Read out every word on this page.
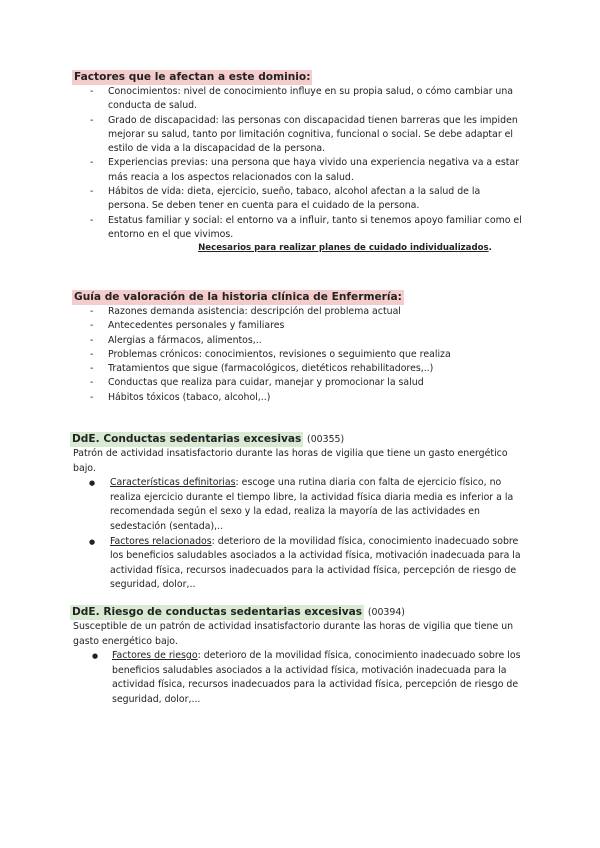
Factores que le afectan a este dominio:
- Conocimientos: nivel de conocimiento influye en su propia salud, o cómo cambiar una conducta de salud.
- Grado de discapacidad: las personas con discapacidad tienen barreras que les impiden mejorar su salud, tanto por limitación cognitiva, funcional o social. Se debe adaptar el estilo de vida a la discapacidad de la persona.
- Experiencias previas: una persona que haya vivido una experiencia negativa va a estar más reacia a los aspectos relacionados con la salud.
- Hábitos de vida: dieta, ejercicio, sueño, tabaco, alcohol afectan a la salud de la persona. Se deben tener en cuenta para el cuidado de la persona.
- Estatus familiar y social: el entorno va a influir, tanto si tenemos apoyo familiar como el entorno en el que vivimos.
Necesarios para realizar planes de cuidado individualizados.
Guía de valoración de la historia clínica de Enfermería:
- Razones demanda asistencia: descripción del problema actual
- Antecedentes personales y familiares
- Alergias a fármacos, alimentos,..
- Problemas crónicos: conocimientos, revisiones o seguimiento que realiza
- Tratamientos que sigue (farmacológicos, dietéticos rehabilitadores,..)
- Conductas que realiza para cuidar, manejar y promocionar la salud
- Hábitos tóxicos (tabaco, alcohol,..)
DdE. Conductas sedentarias excesivas (00355)
Patrón de actividad insatisfactorio durante las horas de vigilia que tiene un gasto energético bajo.
● Características definitorias: escoge una rutina diaria con falta de ejercicio físico, no realiza ejercicio durante el tiempo libre, la actividad física diaria media es inferior a la recomendada según el sexo y la edad, realiza la mayoría de las actividades en sedestación (sentada),..
● Factores relacionados: deterioro de la movilidad física, conocimiento inadecuado sobre los beneficios saludables asociados a la actividad física, motivación inadecuada para la actividad física, recursos inadecuados para la actividad física, percepción de riesgo de seguridad, dolor,..
DdE. Riesgo de conductas sedentarias excesivas (00394)
Susceptible de un patrón de actividad insatisfactorio durante las horas de vigilia que tiene un gasto energético bajo.
● Factores de riesgo: deterioro de la movilidad física, conocimiento inadecuado sobre los beneficios saludables asociados a la actividad física, motivación inadecuada para la actividad física, recursos inadecuados para la actividad física, percepción de riesgo de seguridad, dolor,...
